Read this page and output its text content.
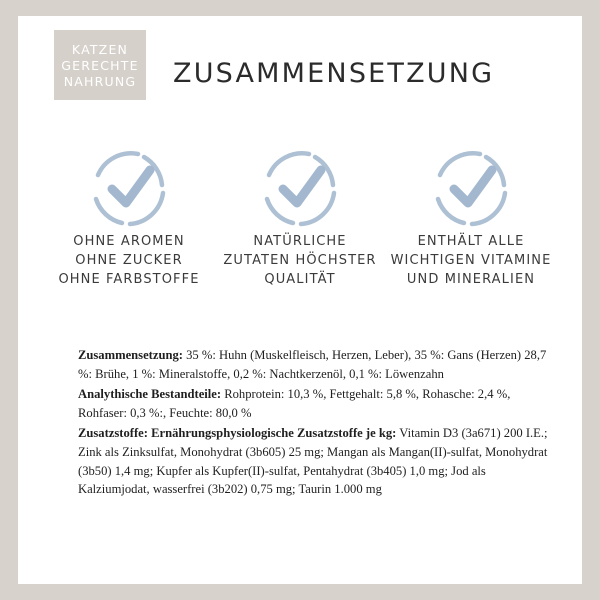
KATZEN
GERECHTE
NAHRUNG	ZUSAMMENSETZUNG
OHNE AROMEN
OHNE ZUCKER
OHNE FARBSTOFFE
NATÜRLICHE
ZUTATEN HÖCHSTER
QUALITÄT
ENTHÄLT ALLE
WICHTIGEN VITAMINE
UND MINERALIEN

Zusammensetzung: 35 %: Huhn (Muskelfleisch, Herzen, Leber), 35 %: Gans (Herzen) 28,7 %: Brühe, 1 %: Mineralstoffe, 0,2 %: Nachtkerzenöl, 0,1 %: Löwenzahn

Analythische Bestandteile: Rohprotein: 10,3 %, Fettgehalt: 5,8 %, Rohasche: 2,4 %, Rohfaser: 0,3 %:, Feuchte: 80,0 %

Zusatzstoffe: Ernährungsphysiologische Zusatzstoffe je kg: Vitamin D3 (3a671) 200 I.E.; Zink als Zinksulfat, Monohydrat (3b605) 25 mg; Mangan als Mangan(II)-sulfat, Monohydrat (3b50) 1,4 mg; Kupfer als Kupfer(II)-sulfat, Pentahydrat (3b405) 1,0 mg; Jod als Kalziumjodat, wasserfrei (3b202) 0,75 mg; Taurin 1.000 mg
